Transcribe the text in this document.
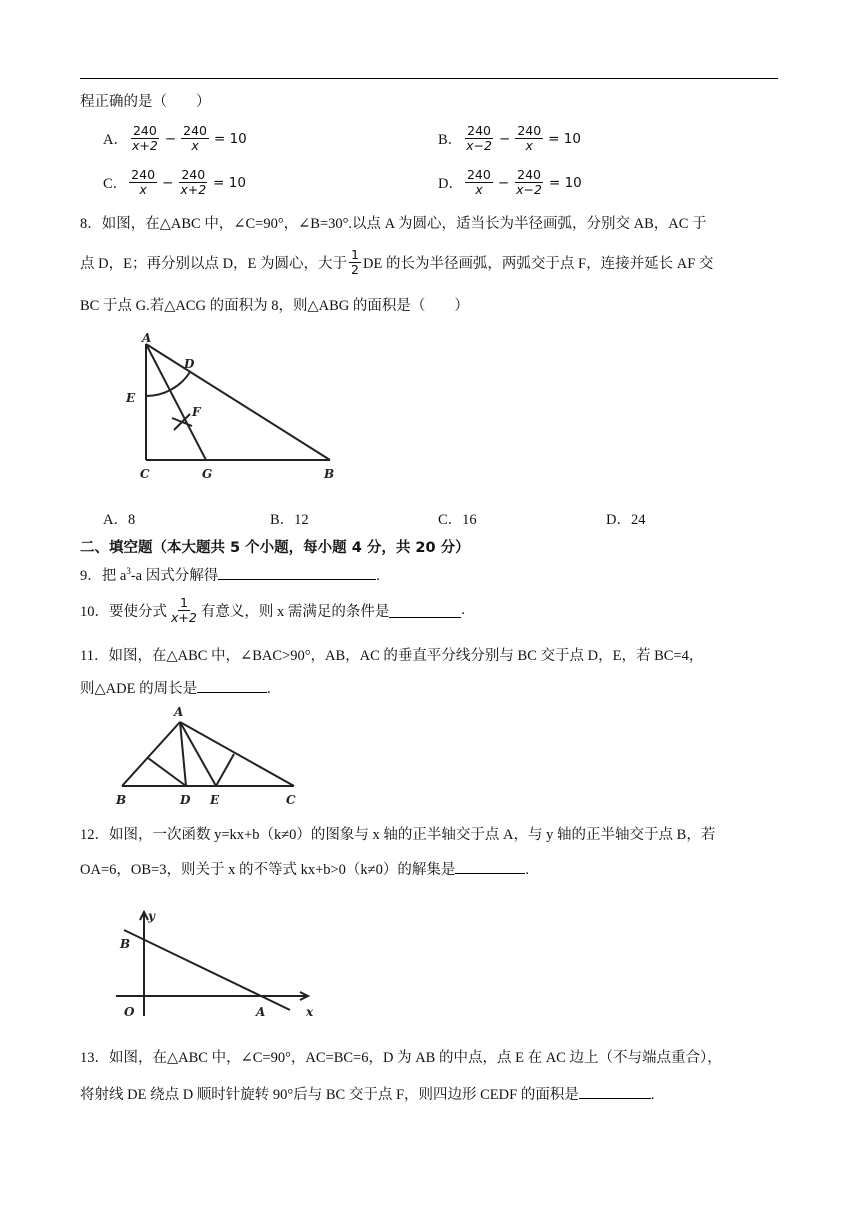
程正确的是（　　）
A． $\frac{240}{x+2} - \frac{240}{x} = 10$	B． $\frac{240}{x-2} - \frac{240}{x} = 10$
C． $\frac{240}{x} - \frac{240}{x+2} = 10$	D． $\frac{240}{x} - \frac{240}{x-2} = 10$
8．如图，在△ABC 中，∠C=90°，∠B=30°.以点 A 为圆心，适当长为半径画弧，分别交 AB，AC 于
点 D，E；再分别以点 D，E 为圆心，大于 $\frac{1}{2}$ DE 的长为半径画弧，两弧交于点 F，连接并延长 AF 交
BC 于点 G.若△ACG 的面积为 8，则△ABG 的面积是（　　）
A
D
E
F
C	G	B
A．8	B．12	C．16	D．24
二、填空题（本大题共 5 个小题，每小题 4 分，共 20 分）
9．把 $a^3-a$ 因式分解得	.
10．要使分式 $\frac{1}{x+2}$ 有意义，则 x 需满足的条件是	.
11．如图，在△ABC 中，∠BAC>90°，AB，AC 的垂直平分线分别与 BC 交于点 D，E，若 BC=4，
则△ADE 的周长是	.
A
B	D E	C
12．如图，一次函数 y=kx+b（k≠0）的图象与 x 轴的正半轴交于点 A，与 y 轴的正半轴交于点 B，若
OA=6，OB=3，则关于 x 的不等式 kx+b>0（k≠0）的解集是	.
y
B
O	A	x
13．如图，在△ABC 中，∠C=90°，AC=BC=6，D 为 AB 的中点，点 E 在 AC 边上（不与端点重合），
将射线 DE 绕点 D 顺时针旋转 90°后与 BC 交于点 F，则四边形 CEDF 的面积是	.
